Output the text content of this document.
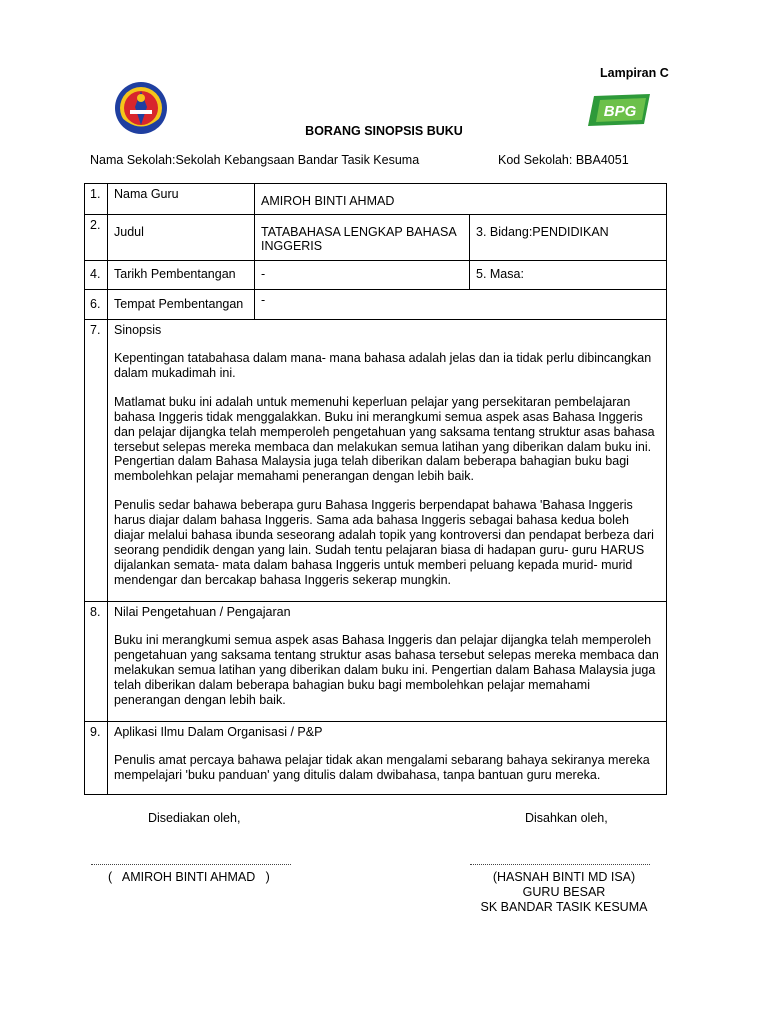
Lampiran C
BPG
BORANG SINOPSIS BUKU
Nama Sekolah:Sekolah Kebangsaan Bandar Tasik Kesuma	Kod Sekolah: BBA4051
1.	Nama Guru	AMIROH BINTI AHMAD	

2.	Judul	TATABAHASA LENGKAP BAHASA INGGERIS	3. Bidang:PENDIDIKAN

4.	Tarikh Pembentangan	-	5. Masa:

6.	Tempat Pembentangan	-	
7.	Sinopsis
Kepentingan tatabahasa dalam mana- mana bahasa adalah jelas dan ia tidak perlu dibincangkan dalam mukadimah ini.
Matlamat buku ini adalah untuk memenuhi keperluan pelajar yang persekitaran pembelajaran bahasa Inggeris tidak menggalakkan. Buku ini merangkumi semua aspek asas Bahasa Inggeris dan pelajar dijangka telah memperoleh pengetahuan yang saksama tentang struktur asas bahasa tersebut selepas mereka membaca dan melakukan semua latihan yang diberikan dalam buku ini. Pengertian dalam Bahasa Malaysia juga telah diberikan dalam beberapa bahagian buku bagi membolehkan pelajar memahami penerangan dengan lebih baik.
Penulis sedar bahawa beberapa guru Bahasa Inggeris berpendapat bahawa 'Bahasa Inggeris harus diajar dalam bahasa Inggeris. Sama ada bahasa Inggeris sebagai bahasa kedua boleh diajar melalui bahasa ibunda seseorang adalah topik yang kontroversi dan pendapat berbeza dari seorang pendidik dengan yang lain. Sudah tentu pelajaran biasa di hadapan guru- guru HARUS dijalankan semata- mata dalam bahasa Inggeris untuk memberi peluang kepada murid- murid mendengar dan bercakap bahasa Inggeris sekerap mungkin.		

8.	Nilai Pengetahuan / Pengajaran
Buku ini merangkumi semua aspek asas Bahasa Inggeris dan pelajar dijangka telah memperoleh pengetahuan yang saksama tentang struktur asas bahasa tersebut selepas mereka membaca dan melakukan semua latihan yang diberikan dalam buku ini. Pengertian dalam Bahasa Malaysia juga telah diberikan dalam beberapa bahagian buku bagi membolehkan pelajar memahami penerangan dengan lebih baik.		

9.	Aplikasi Ilmu Dalam Organisasi / P&P
Penulis amat percaya bahawa pelajar tidak akan mengalami sebarang bahaya sekiranya mereka mempelajari 'buku panduan' yang ditulis dalam dwibahasa, tanpa bantuan guru mereka.		
Disediakan oleh,	Disahkan oleh,
(   AMIROH BINTI AHMAD   )	(HASNAH BINTI MD ISA)
GURU BESAR
SK BANDAR TASIK KESUMA
